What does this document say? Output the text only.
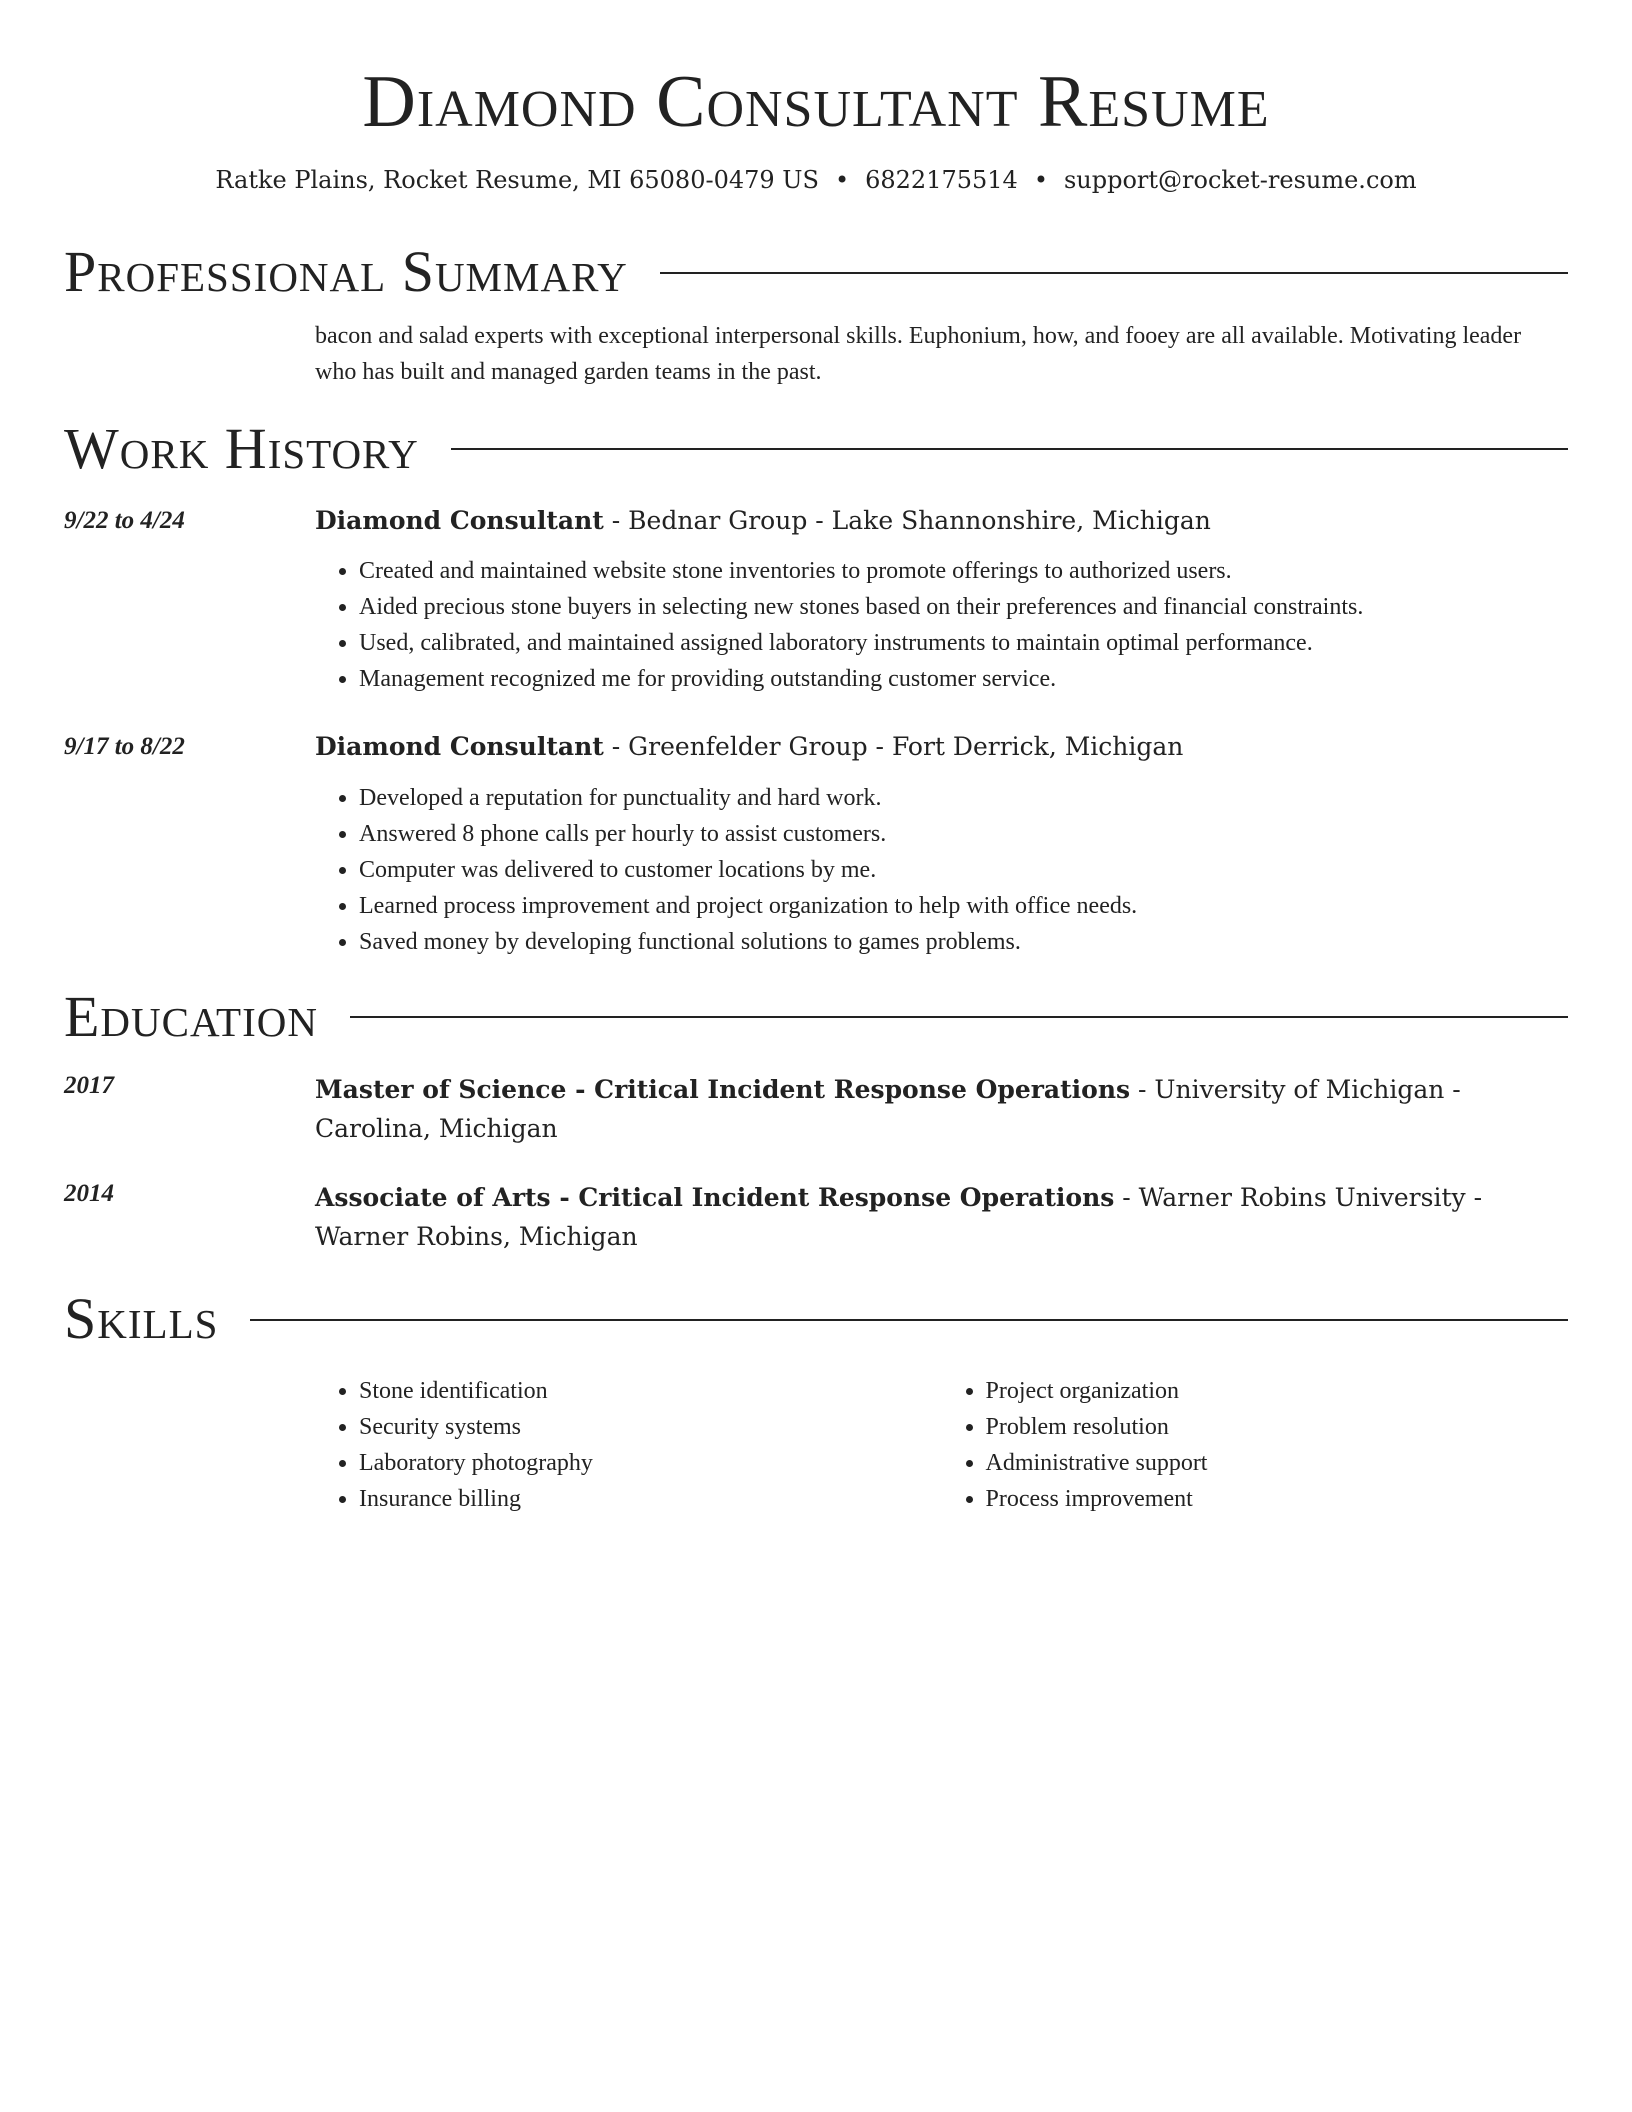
Diamond Consultant Resume
Ratke Plains, Rocket Resume, MI 65080-0479 US • 6822175514 • support@rocket-resume.com
Professional Summary
bacon and salad experts with exceptional interpersonal skills. Euphonium, how, and fooey are all available. Motivating leader who has built and managed garden teams in the past.
Work History
9/22 to 4/24	Diamond Consultant - Bednar Group - Lake Shannonshire, Michigan
• Created and maintained website stone inventories to promote offerings to authorized users.
• Aided precious stone buyers in selecting new stones based on their preferences and financial constraints.
• Used, calibrated, and maintained assigned laboratory instruments to maintain optimal performance.
• Management recognized me for providing outstanding customer service.
9/17 to 8/22	Diamond Consultant - Greenfelder Group - Fort Derrick, Michigan
• Developed a reputation for punctuality and hard work.
• Answered 8 phone calls per hourly to assist customers.
• Computer was delivered to customer locations by me.
• Learned process improvement and project organization to help with office needs.
• Saved money by developing functional solutions to games problems.
Education
2017	Master of Science - Critical Incident Response Operations - University of Michigan - Carolina, Michigan
2014	Associate of Arts - Critical Incident Response Operations - Warner Robins University - Warner Robins, Michigan
Skills
• Stone identification
• Security systems
• Laboratory photography
• Insurance billing
• Project organization
• Problem resolution
• Administrative support
• Process improvement
